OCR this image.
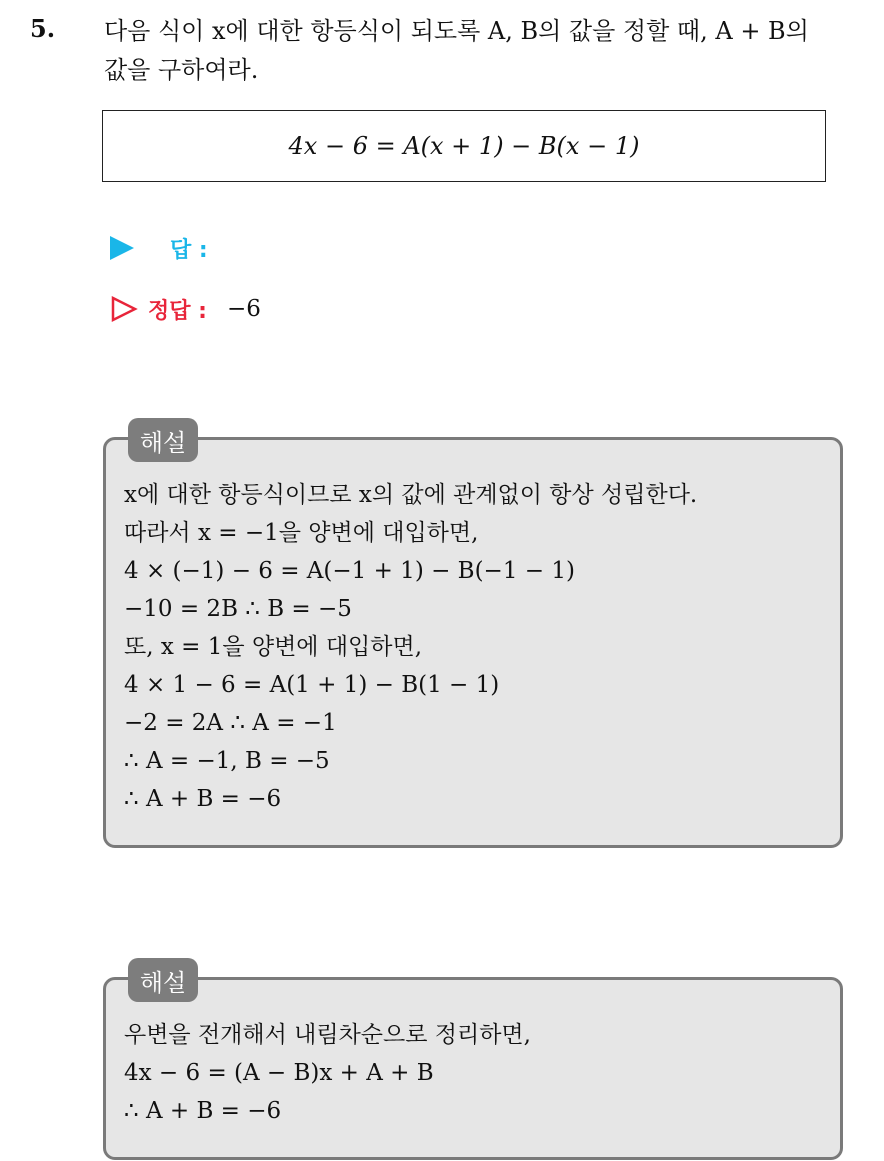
5. 다음 식이 x에 대한 항등식이 되도록 A, B의 값을 정할 때, A + B의
값을 구하여라.
4x − 6 = A(x + 1) − B(x − 1)
답 :
정답 : −6
해설
x에 대한 항등식이므로 x의 값에 관계없이 항상 성립한다.
따라서 x = −1을 양변에 대입하면,
4 × (−1) − 6 = A(−1 + 1) − B(−1 − 1)
−10 = 2B ∴ B = −5
또, x = 1을 양변에 대입하면,
4 × 1 − 6 = A(1 + 1) − B(1 − 1)
−2 = 2A ∴ A = −1
∴ A = −1, B = −5
∴ A + B = −6
해설
우변을 전개해서 내림차순으로 정리하면,
4x − 6 = (A − B)x + A + B
∴ A + B = −6
